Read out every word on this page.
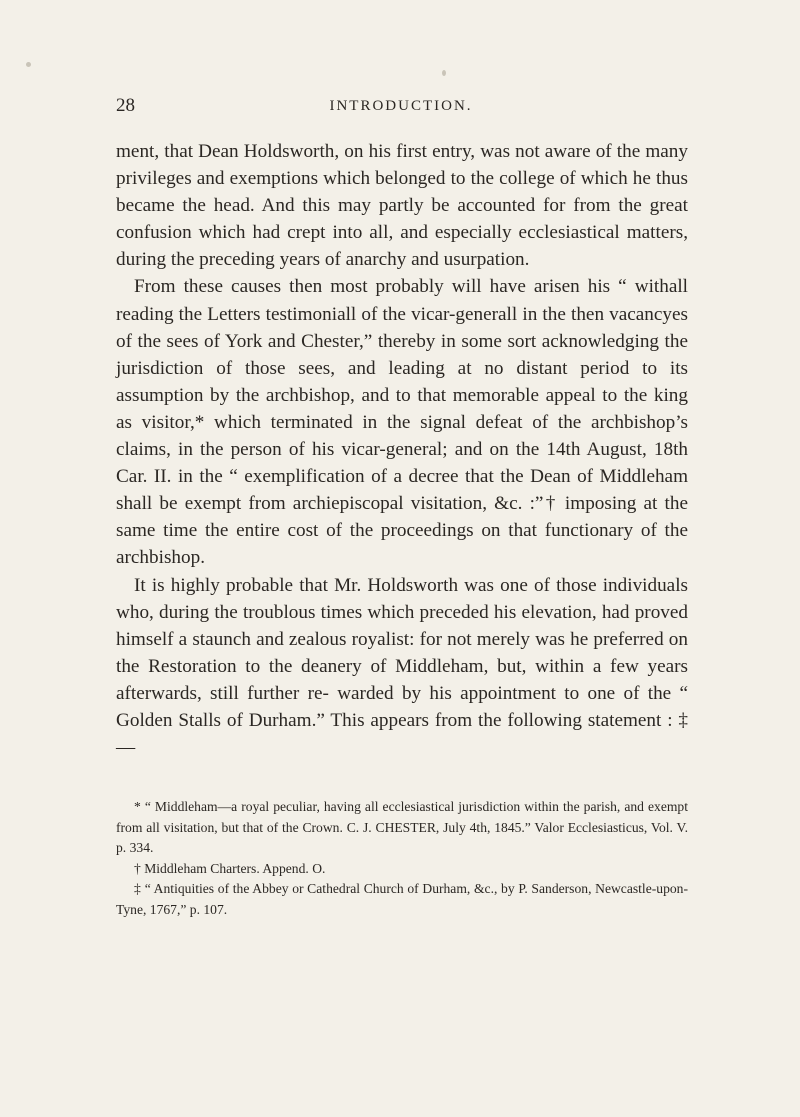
28	INTRODUCTION.

ment, that Dean Holdsworth, on his first entry, was not aware of the many privileges and exemptions which belonged to the college of which he thus became the head. And this may partly be accounted for from the great confusion which had crept into all, and especially ecclesiastical matters, during the preceding years of anarchy and usurpation.

From these causes then most probably will have arisen his “ withall reading the Letters testimoniall of the vicar-generall in the then vacancyes of the sees of York and Chester,” thereby in some sort acknowledging the jurisdiction of those sees, and leading at no distant period to its assumption by the archbishop, and to that memorable appeal to the king as visitor,* which terminated in the signal defeat of the archbishop’s claims, in the person of his vicar-general; and on the 14th August, 18th Car. II. in the “ exemplification of a decree that the Dean of Middleham shall be exempt from archiepiscopal visitation, &c. :”† imposing at the same time the entire cost of the proceedings on that functionary of the archbishop.

It is highly probable that Mr. Holdsworth was one of those individuals who, during the troublous times which preceded his elevation, had proved himself a staunch and zealous royalist: for not merely was he preferred on the Restoration to the deanery of Middleham, but, within a few years afterwards, still further re- warded by his appointment to one of the “ Golden Stalls of Durham.” This appears from the following statement : ‡—

* “ Middleham—a royal peculiar, having all ecclesiastical jurisdiction within the parish, and exempt from all visitation, but that of the Crown. C. J. CHESTER, July 4th, 1845.” Valor Ecclesiasticus, Vol. V. p. 334.

† Middleham Charters. Append. O.

‡ “ Antiquities of the Abbey or Cathedral Church of Durham, &c., by P. Sanderson, Newcastle-upon-Tyne, 1767,” p. 107.
